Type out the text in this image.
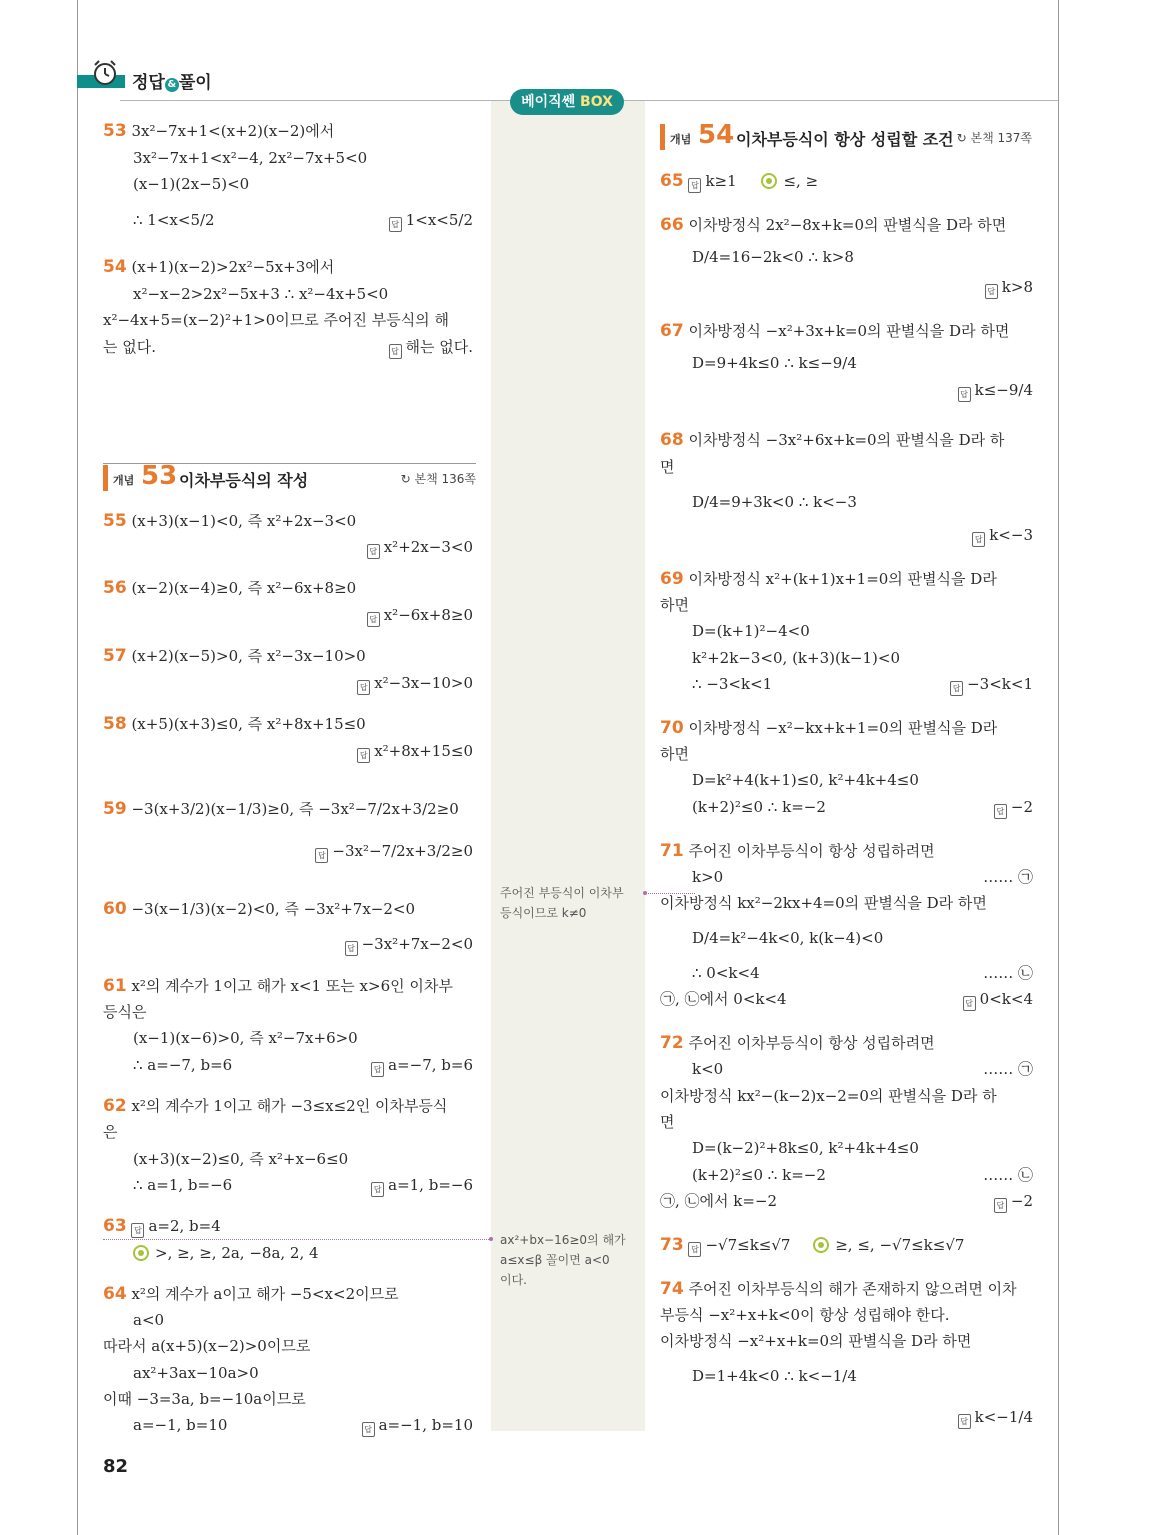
정답 & 풀이
베이직쎈 BOX
53 3x²−7x+1<(x+2)(x−2)에서
3x²−7x+1<x²−4, 2x²−7x+5<0
(x−1)(2x−5)<0
∴ 1<x<5/2	답 1<x<5/2
54 (x+1)(x−2)>2x²−5x+3에서
x²−x−2>2x²−5x+3 ∴ x²−4x+5<0
x²−4x+5=(x−2)²+1>0이므로 주어진 부등식의 해
는 없다.	답 해는 없다.
개념 53 이차부등식의 작성	↻ 본책 136쪽
55 (x+3)(x−1)<0, 즉 x²+2x−3<0
답 x²+2x−3<0
56 (x−2)(x−4)≥0, 즉 x²−6x+8≥0
답 x²−6x+8≥0
57 (x+2)(x−5)>0, 즉 x²−3x−10>0
답 x²−3x−10>0
58 (x+5)(x+3)≤0, 즉 x²+8x+15≤0
답 x²+8x+15≤0
59 −3(x+3/2)(x−1/3)≥0, 즉 −3x²−7/2x+3/2≥0
답 −3x²−7/2x+3/2≥0
60 −3(x−1/3)(x−2)<0, 즉 −3x²+7x−2<0
답 −3x²+7x−2<0
61 x²의 계수가 1이고 해가 x<1 또는 x>6인 이차부
등식은
(x−1)(x−6)>0, 즉 x²−7x+6>0
∴ a=−7, b=6	답 a=−7, b=6
62 x²의 계수가 1이고 해가 −3≤x≤2인 이차부등식
은
(x+3)(x−2)≤0, 즉 x²+x−6≤0
∴ a=1, b=−6	답 a=1, b=−6
63 답 a=2, b=4
>, ≥, ≥, 2a, −8a, 2, 4
64 x²의 계수가 a이고 해가 −5<x<2이므로
a<0
따라서 a(x+5)(x−2)>0이므로
ax²+3ax−10a>0
이때 −3=3a, b=−10a이므로
a=−1, b=10	답 a=−1, b=10
82
주어진 부등식이 이차부
등식이므로 k≠0
ax²+bx−16≥0의 해가
a≤x≤β 꼴이면 a<0
이다.
개념 54 이차부등식이 항상 성립할 조건 ↻ 본책 137쪽
65 답 k≥1	≤, ≥
66 이차방정식 2x²−8x+k=0의 판별식을 D라 하면
D/4=16−2k<0 ∴ k>8
답 k>8
67 이차방정식 −x²+3x+k=0의 판별식을 D라 하면
D=9+4k≤0 ∴ k≤−9/4
답 k≤−9/4
68 이차방정식 −3x²+6x+k=0의 판별식을 D라 하
면
D/4=9+3k<0 ∴ k<−3
답 k<−3
69 이차방정식 x²+(k+1)x+1=0의 판별식을 D라
하면
D=(k+1)²−4<0
k²+2k−3<0, (k+3)(k−1)<0
∴ −3<k<1	답 −3<k<1
70 이차방정식 −x²−kx+k+1=0의 판별식을 D라
하면
D=k²+4(k+1)≤0, k²+4k+4≤0
(k+2)²≤0 ∴ k=−2	답 −2
71 주어진 이차부등식이 항상 성립하려면
k>0	…… ㉠
이차방정식 kx²−2kx+4=0의 판별식을 D라 하면
D/4=k²−4k<0, k(k−4)<0
∴ 0<k<4	…… ㉡
㉠, ㉡에서 0<k<4	답 0<k<4
72 주어진 이차부등식이 항상 성립하려면
k<0	…… ㉠
이차방정식 kx²−(k−2)x−2=0의 판별식을 D라 하
면
D=(k−2)²+8k≤0, k²+4k+4≤0
(k+2)²≤0 ∴ k=−2	…… ㉡
㉠, ㉡에서 k=−2	답 −2
73 답 −√7≤k≤√7	≥, ≤, −√7≤k≤√7
74 주어진 이차부등식의 해가 존재하지 않으려면 이차
부등식 −x²+x+k<0이 항상 성립해야 한다.
이차방정식 −x²+x+k=0의 판별식을 D라 하면
D=1+4k<0 ∴ k<−1/4
답 k<−1/4
